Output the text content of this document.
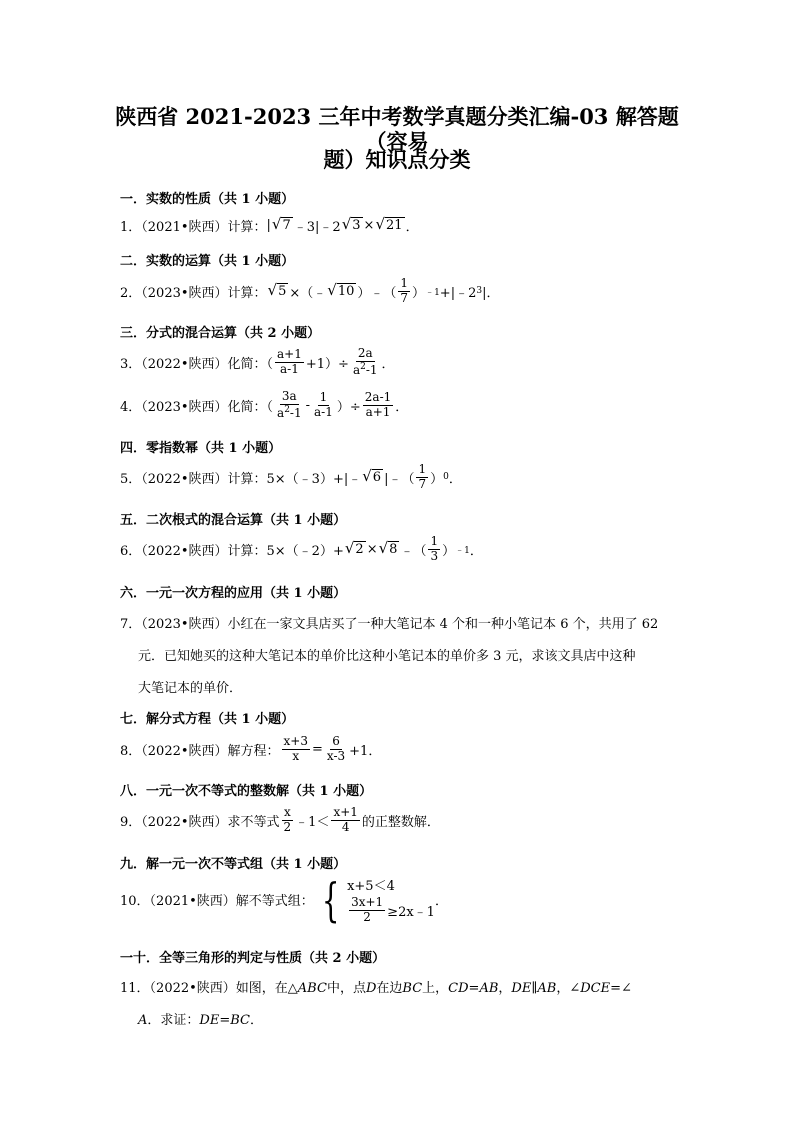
陕西省 2021-2023 三年中考数学真题分类汇编-03 解答题（容易
题）知识点分类
一．实数的性质（共 1 小题）
1．（2021•陕西）计算： | √ 7 ﹣3|﹣2 √ 3 × √ 21 ．
二．实数的运算（共 1 小题）
2．（2023•陕西）计算： √ 5 ×（﹣ √ 10 ）﹣（ $\frac{1}{7}$ ） ﹣1 +|﹣2 3 |．
三．分式的混合运算（共 2 小题）
3．（2022•陕西）化简：（ $\frac{a+1}{a-1} +1)\div \frac{2a}{a^2-1}$ ．
4．（2023•陕西）化简：（ $\frac{3a}{a^2-1} - \frac{1}{a-1}$ ）÷ $\frac{2a-1}{a+1}$ ．
四．零指数幂（共 1 小题）
5．（2022•陕西）计算：5×（﹣3）+|﹣ √ 6 |﹣（ $\frac{1}{7}$ ） 0 ．
五．二次根式的混合运算（共 1 小题）
6．（2022•陕西）计算：5×（﹣2）+ √ 2 × √ 8 ﹣（ $\frac{1}{3}$ ） ﹣1 ．
六．一元一次方程的应用（共 1 小题）
7．（2023•陕西）小红在一家文具店买了一种大笔记本 4 个和一种小笔记本 6 个，共用了 62
元．已知她买的这种大笔记本的单价比这种小笔记本的单价多 3 元，求该文具店中这种
大笔记本的单价．
七．解分式方程（共 1 小题）
8．（2022•陕西）解方程： $\frac{x+3}{x} = \frac{6}{x-3} +1$．
八．一元一次不等式的整数解（共 1 小题）
9．（2022•陕西）求不等式 $\frac{x}{2}$ ﹣1＜ $\frac{x+1}{4}$ 的正整数解．
九．解一元一次不等式组（共 1 小题）
10．（2021•陕西）解不等式组： { x+5＜4
$\frac{3x+1}{2}$ ≥2x﹣1
．
一十．全等三角形的判定与性质（共 2 小题）
11．（2022•陕西）如图，在△ABC中，点D在边BC上，CD=AB，DE∥AB，∠DCE=∠
A．求证：DE=BC．
